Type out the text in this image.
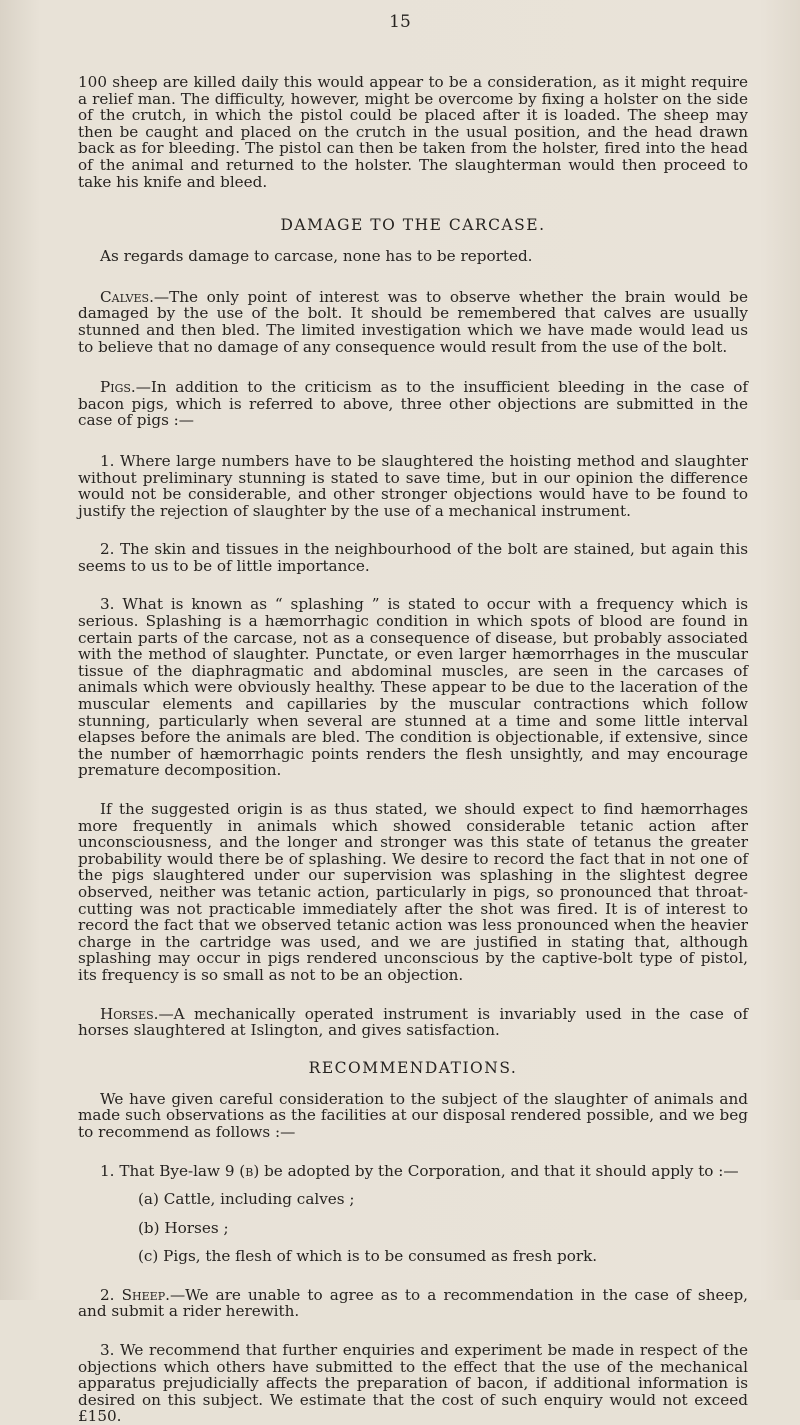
15

100 sheep are killed daily this would appear to be a consideration, as it might require a relief man. The difficulty, however, might be overcome by fixing a holster on the side of the crutch, in which the pistol could be placed after it is loaded. The sheep may then be caught and placed on the crutch in the usual position, and the head drawn back as for bleeding. The pistol can then be taken from the holster, fired into the head of the animal and returned to the holster. The slaughterman would then proceed to take his knife and bleed.

DAMAGE TO THE CARCASE.

As regards damage to carcase, none has to be reported.

Calves.—The only point of interest was to observe whether the brain would be damaged by the use of the bolt. It should be remembered that calves are usually stunned and then bled. The limited investigation which we have made would lead us to believe that no damage of any consequence would result from the use of the bolt.

Pigs.—In addition to the criticism as to the insufficient bleeding in the case of bacon pigs, which is referred to above, three other objections are submitted in the case of pigs :—

1. Where large numbers have to be slaughtered the hoisting method and slaughter without preliminary stunning is stated to save time, but in our opinion the difference would not be considerable, and other stronger objections would have to be found to justify the rejection of slaughter by the use of a mechanical instrument.

2. The skin and tissues in the neighbourhood of the bolt are stained, but again this seems to us to be of little importance.

3. What is known as “ splashing ” is stated to occur with a frequency which is serious. Splashing is a hæmorrhagic condition in which spots of blood are found in certain parts of the carcase, not as a consequence of disease, but probably associated with the method of slaughter. Punctate, or even larger hæmorrhages in the muscular tissue of the diaphragmatic and abdominal muscles, are seen in the carcases of animals which were obviously healthy. These appear to be due to the laceration of the muscular elements and capillaries by the muscular contractions which follow stunning, particularly when several are stunned at a time and some little interval elapses before the animals are bled. The condition is objectionable, if extensive, since the number of hæmorrhagic points renders the flesh unsightly, and may encourage premature decomposition.

If the suggested origin is as thus stated, we should expect to find hæmorrhages more frequently in animals which showed considerable tetanic action after unconsciousness, and the longer and stronger was this state of tetanus the greater probability would there be of splashing. We desire to record the fact that in not one of the pigs slaughtered under our supervision was splashing in the slightest degree observed, neither was tetanic action, particularly in pigs, so pronounced that throat-cutting was not practicable immediately after the shot was fired. It is of interest to record the fact that we observed tetanic action was less pronounced when the heavier charge in the cartridge was used, and we are justified in stating that, although splashing may occur in pigs rendered unconscious by the captive-bolt type of pistol, its frequency is so small as not to be an objection.

Horses.—A mechanically operated instrument is invariably used in the case of horses slaughtered at Islington, and gives satisfaction.

RECOMMENDATIONS.

We have given careful consideration to the subject of the slaughter of animals and made such observations as the facilities at our disposal rendered possible, and we beg to recommend as follows :—

1. That Bye-law 9 (b) be adopted by the Corporation, and that it should apply to :—

(a) Cattle, including calves ;
(b) Horses ;
(c) Pigs, the flesh of which is to be consumed as fresh pork.

2. Sheep.—We are unable to agree as to a recommendation in the case of sheep, and submit a rider herewith.

3. We recommend that further enquiries and experiment be made in respect of the objections which others have submitted to the effect that the use of the mechanical apparatus prejudicially affects the preparation of bacon, if additional information is desired on this subject. We estimate that the cost of such enquiry would not exceed £150.
